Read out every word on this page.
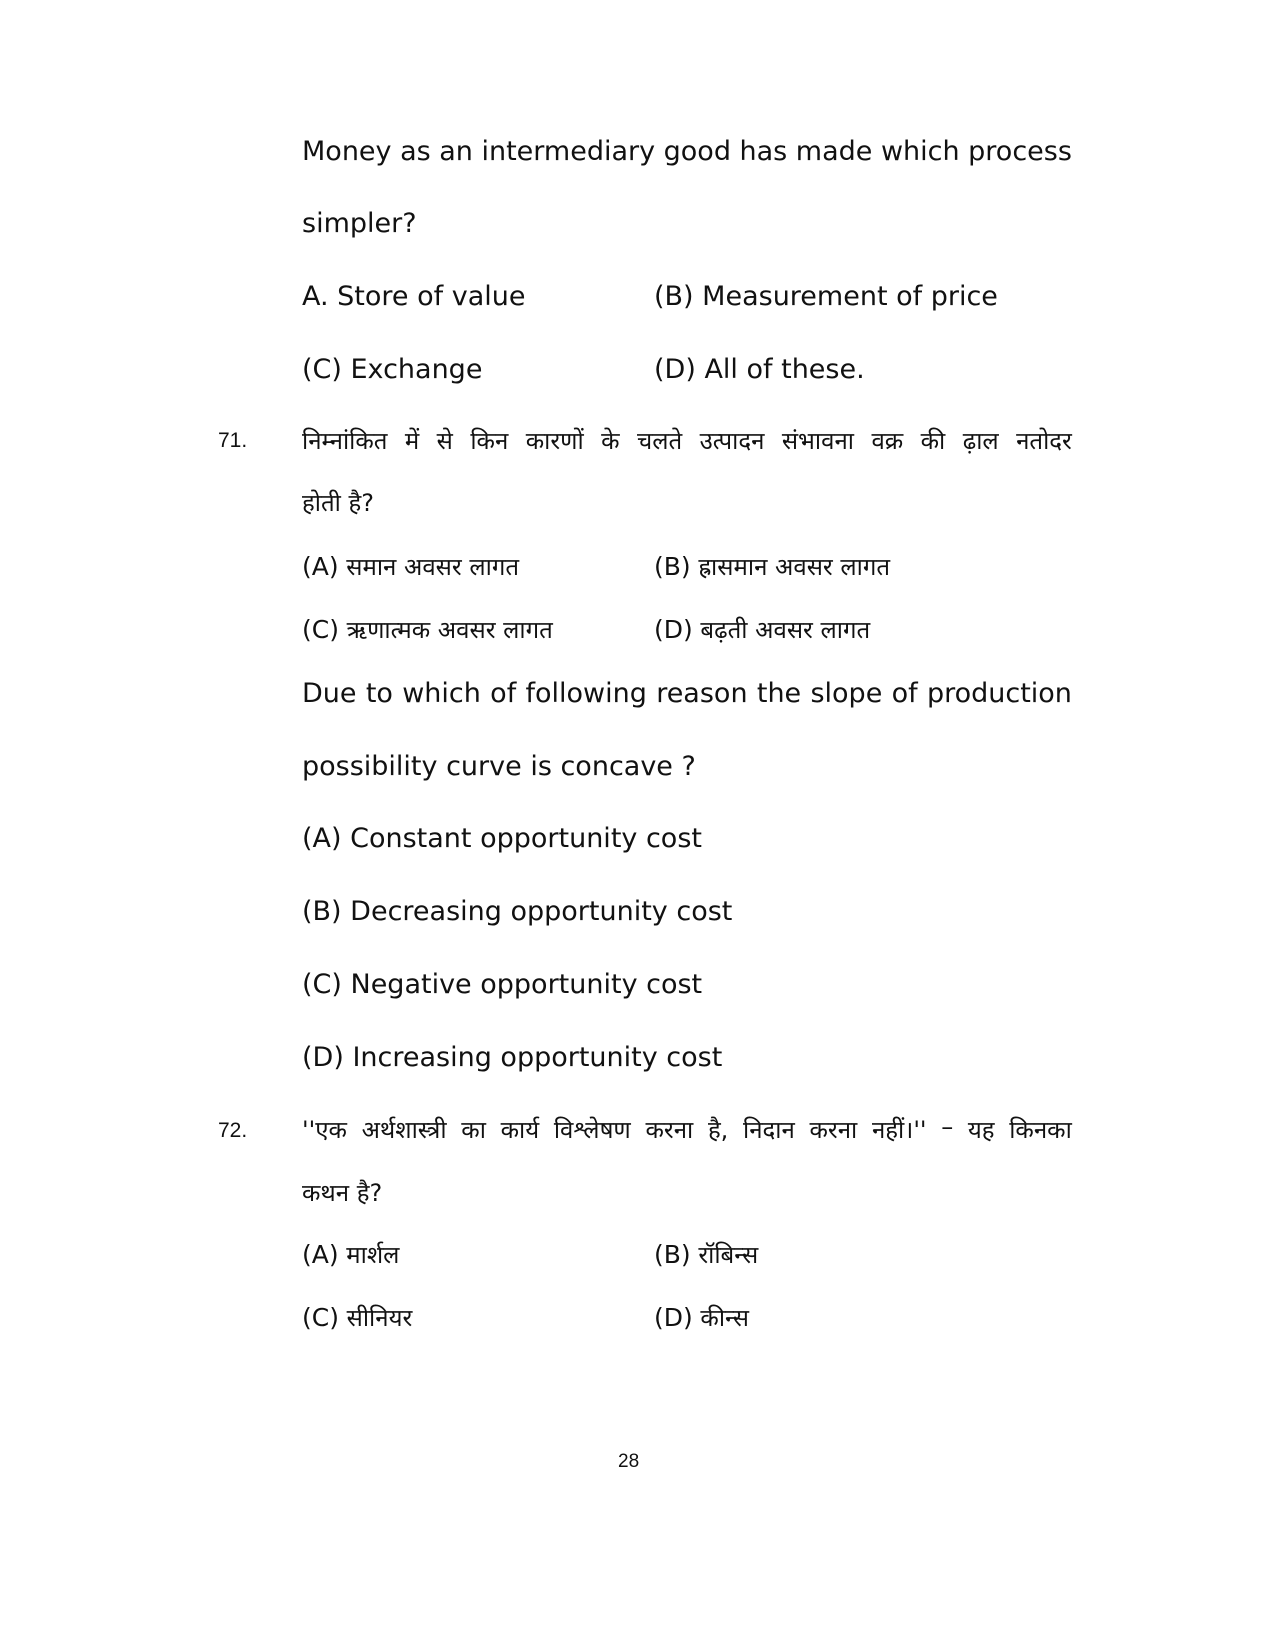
Money as an intermediary good has made which process
simpler?
A. Store of value	(B) Measurement of price
(C) Exchange	(D) All of these.
71. निम्नांकित में से किन कारणों के चलते उत्पादन संभावना वक्र की ढ़ाल नतोदर
होती है?
(A) समान अवसर लागत	(B) ह्रासमान अवसर लागत
(C) ऋणात्मक अवसर लागत	(D) बढ़ती अवसर लागत
Due to which of following reason the slope of production
possibility curve is concave ?
(A) Constant opportunity cost
(B) Decreasing opportunity cost
(C) Negative opportunity cost
(D) Increasing opportunity cost
72. ''एक अर्थशास्त्री का कार्य विश्लेषण करना है, निदान करना नहीं।'' – यह किनका
कथन है?
(A) मार्शल	(B) रॉबिन्स
(C) सीनियर	(D) कीन्स
28
